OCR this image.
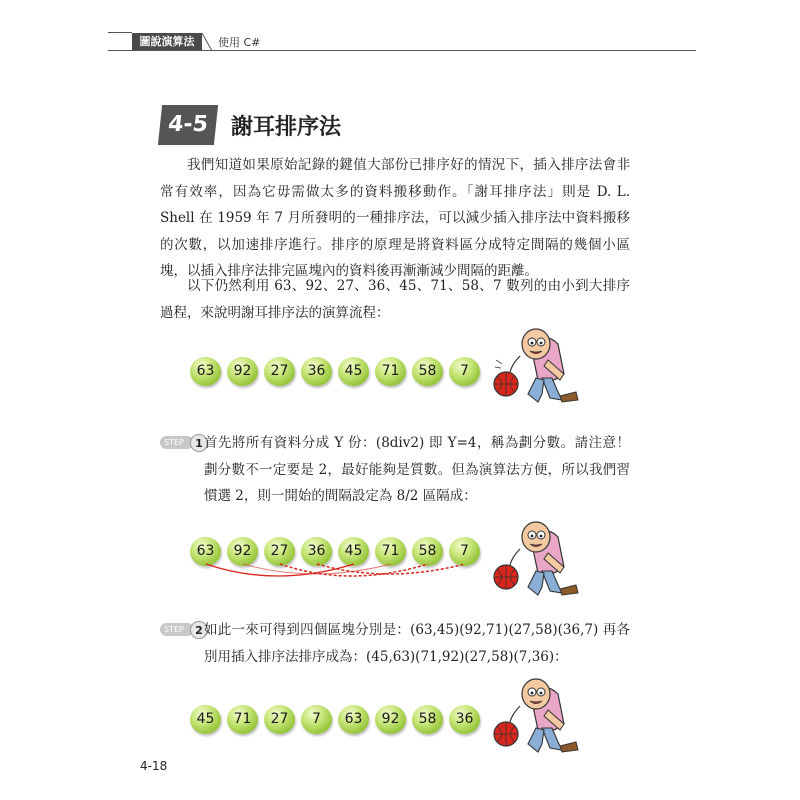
圖說演算法	使用 C#
4-5 謝耳排序法

我們知道如果原始記錄的鍵值大部份已排序好的情況下，插入排序法會非常有效率，因為它毋需做太多的資料搬移動作。「謝耳排序法」則是 D. L. Shell 在 1959 年 7 月所發明的一種排序法，可以減少插入排序法中資料搬移的次數，以加速排序進行。排序的原理是將資料區分成特定間隔的幾個小區塊，以插入排序法排完區塊內的資料後再漸漸減少間隔的距離。

以下仍然利用 63、92、27、36、45、71、58、7 數列的由小到大排序過程，來說明謝耳排序法的演算流程：

63	92	27	36	45	71	58	7
STEP	1 首先將所有資料分成 Y 份：(8div2) 即 Y=4，稱為劃分數。請注意！劃分數不一定要是 2，最好能夠是質數。但為演算法方便，所以我們習慣選 2，則一開始的間隔設定為 8/2 區隔成：

63	92	27	36	45	71	58	7
STEP	2 如此一來可得到四個區塊分別是：(63,45)(92,71)(27,58)(36,7) 再各別用插入排序法排序成為：(45,63)(71,92)(27,58)(7,36)：

45	71	27	7	63	92	58	36
4-18
